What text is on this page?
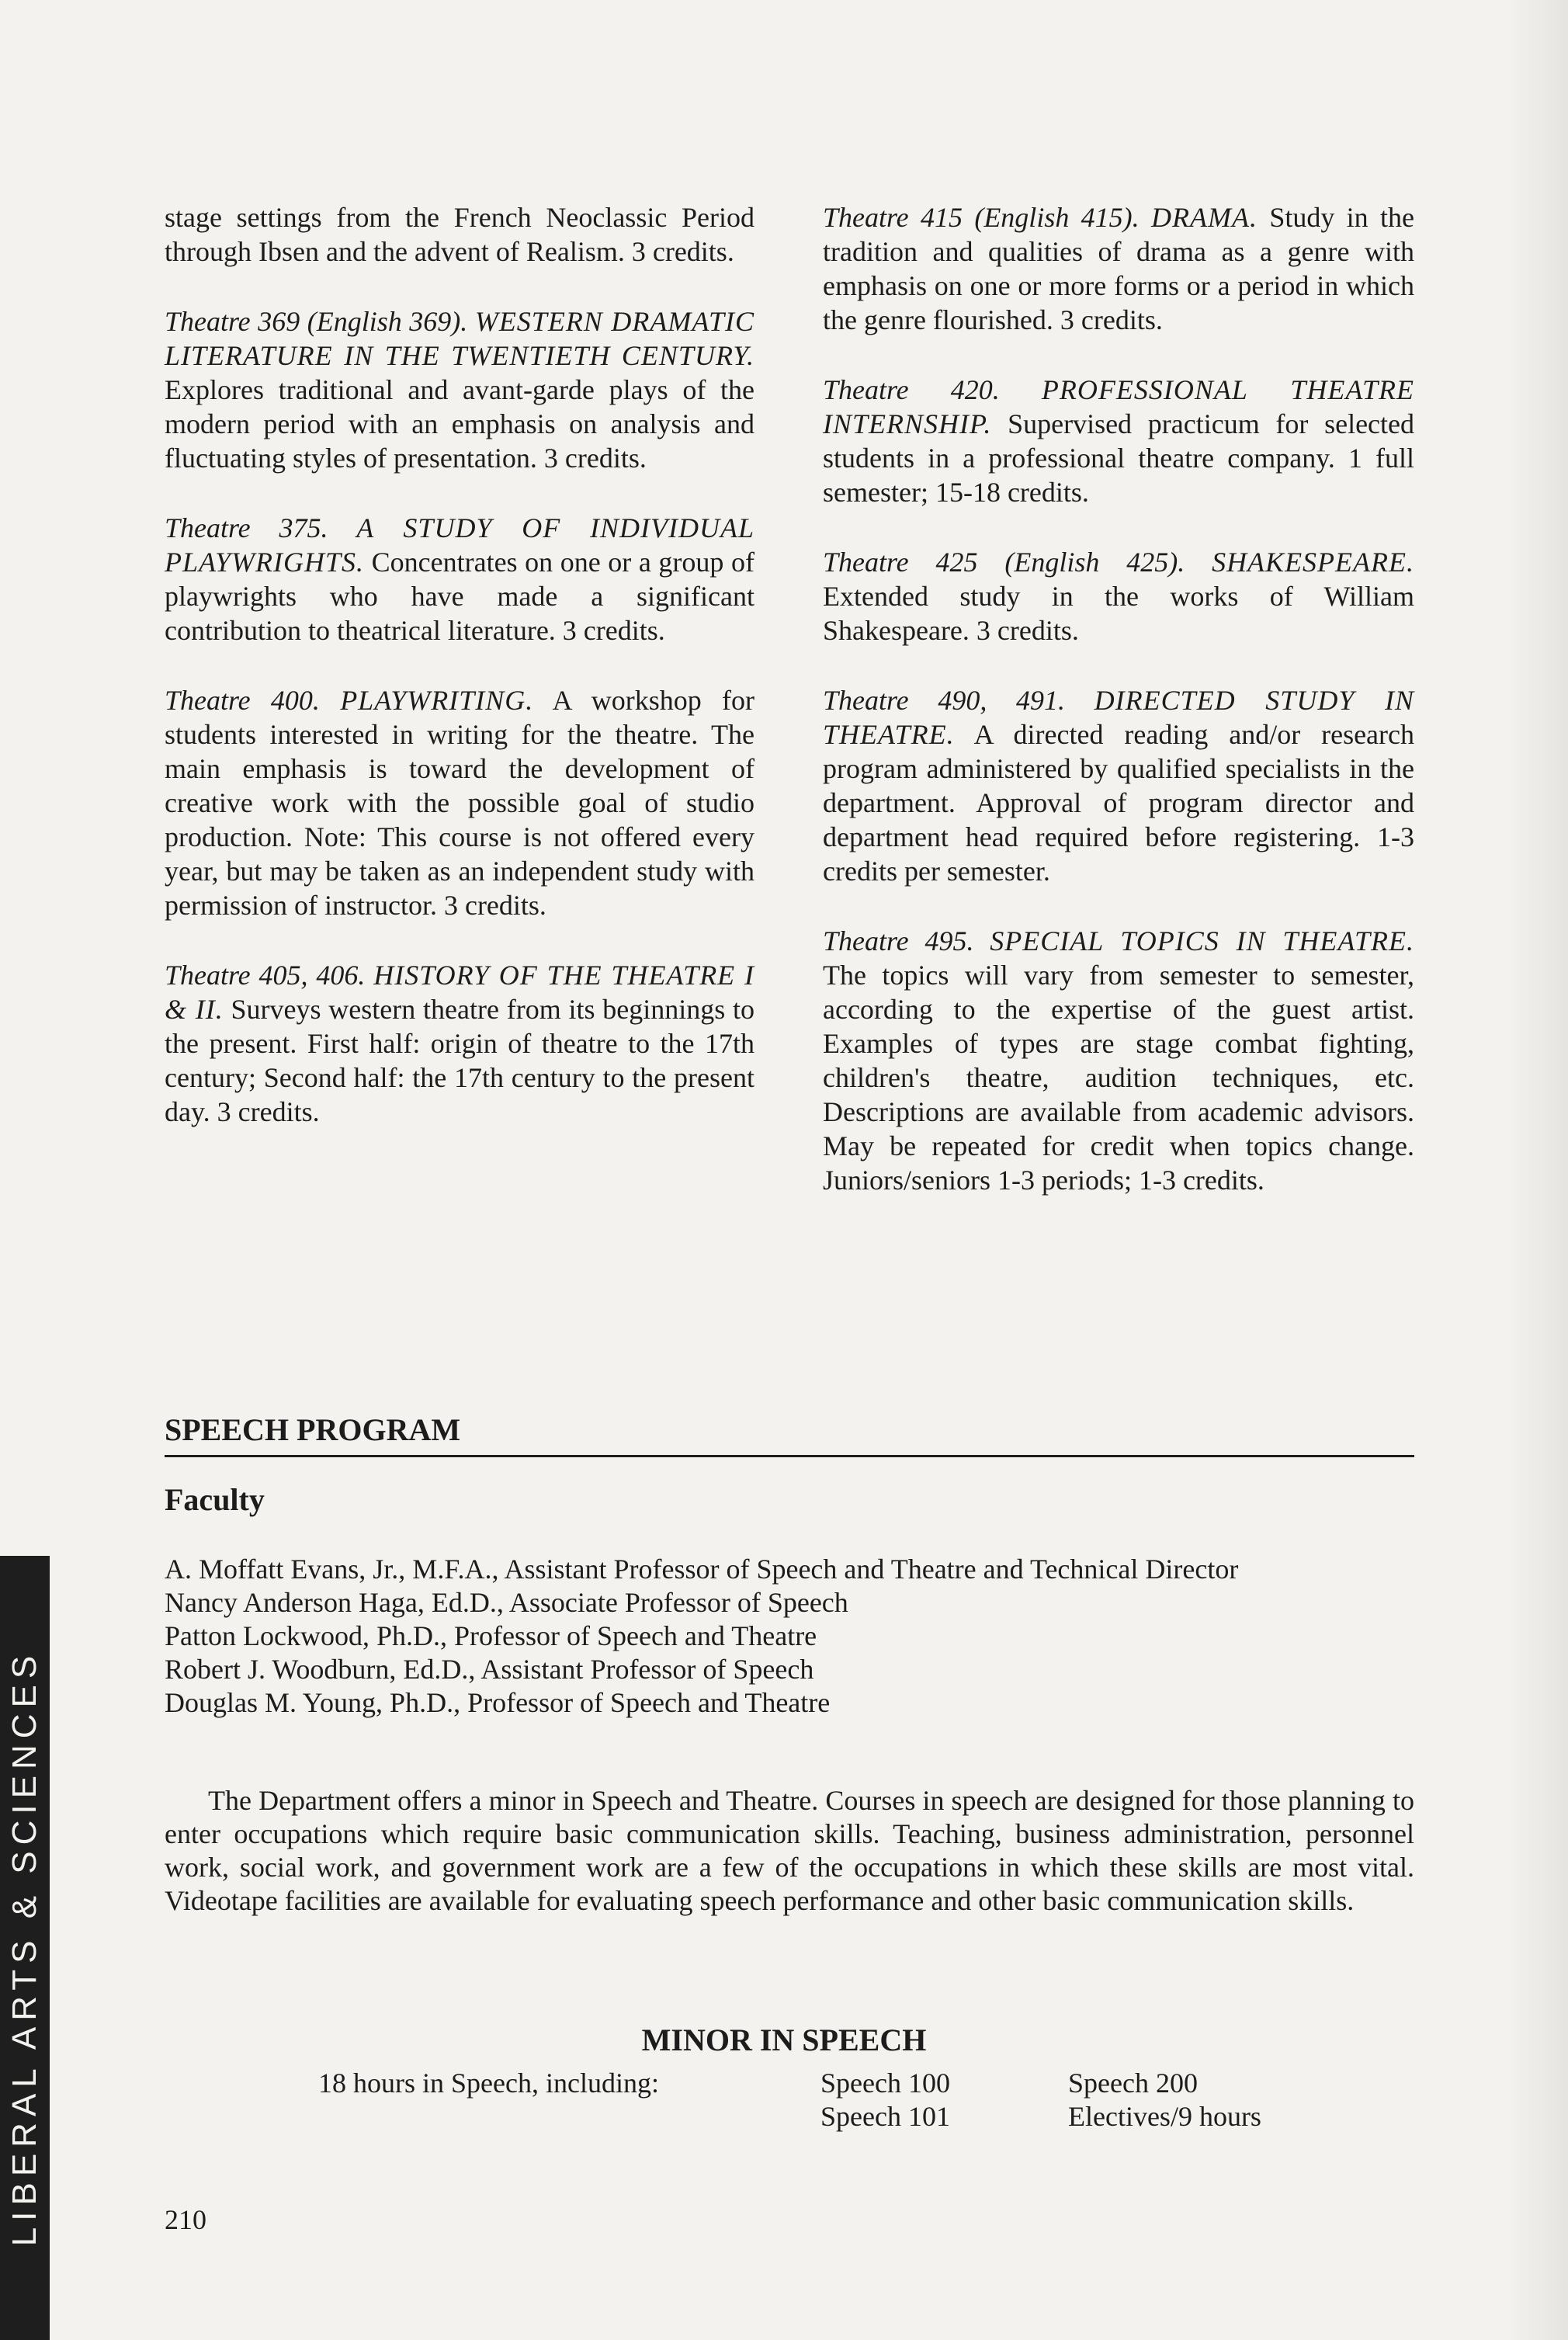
stage settings from the French Neoclassic Period through Ibsen and the advent of Realism. 3 credits.

Theatre 369 (English 369). WESTERN DRAMATIC LITERATURE IN THE TWENTIETH CENTURY. Explores traditional and avant-garde plays of the modern period with an emphasis on analysis and fluctuating styles of presentation. 3 credits.

Theatre 375. A STUDY OF INDIVIDUAL PLAYWRIGHTS. Concentrates on one or a group of playwrights who have made a significant contribution to theatrical literature. 3 credits.

Theatre 400. PLAYWRITING. A workshop for students interested in writing for the theatre. The main emphasis is toward the development of creative work with the possible goal of studio production. Note: This course is not offered every year, but may be taken as an independent study with permission of instructor. 3 credits.

Theatre 405, 406. HISTORY OF THE THEATRE I & II. Surveys western theatre from its beginnings to the present. First half: origin of theatre to the 17th century; Second half: the 17th century to the present day. 3 credits.

Theatre 415 (English 415). DRAMA. Study in the tradition and qualities of drama as a genre with emphasis on one or more forms or a period in which the genre flourished. 3 credits.

Theatre 420. PROFESSIONAL THEATRE INTERNSHIP. Supervised practicum for selected students in a professional theatre company. 1 full semester; 15-18 credits.

Theatre 425 (English 425). SHAKESPEARE. Extended study in the works of William Shakespeare. 3 credits.

Theatre 490, 491. DIRECTED STUDY IN THEATRE. A directed reading and/or research program administered by qualified specialists in the department. Approval of program director and department head required before registering. 1-3 credits per semester.

Theatre 495. SPECIAL TOPICS IN THEATRE. The topics will vary from semester to semester, according to the expertise of the guest artist. Examples of types are stage combat fighting, children's theatre, audition techniques, etc. Descriptions are available from academic advisors. May be repeated for credit when topics change. Juniors/seniors 1-3 periods; 1-3 credits.

SPEECH PROGRAM
Faculty
A. Moffatt Evans, Jr., M.F.A., Assistant Professor of Speech and Theatre and Technical Director
Nancy Anderson Haga, Ed.D., Associate Professor of Speech
Patton Lockwood, Ph.D., Professor of Speech and Theatre
Robert J. Woodburn, Ed.D., Assistant Professor of Speech
Douglas M. Young, Ph.D., Professor of Speech and Theatre

The Department offers a minor in Speech and Theatre. Courses in speech are designed for those planning to enter occupations which require basic communication skills. Teaching, business administration, personnel work, social work, and government work are a few of the occupations in which these skills are most vital. Videotape facilities are available for evaluating speech performance and other basic communication skills.

MINOR IN SPEECH
18 hours in Speech, including:	Speech 100
Speech 101
Speech 200
Electives/9 hours
210
LIBERAL ARTS & SCIENCES
